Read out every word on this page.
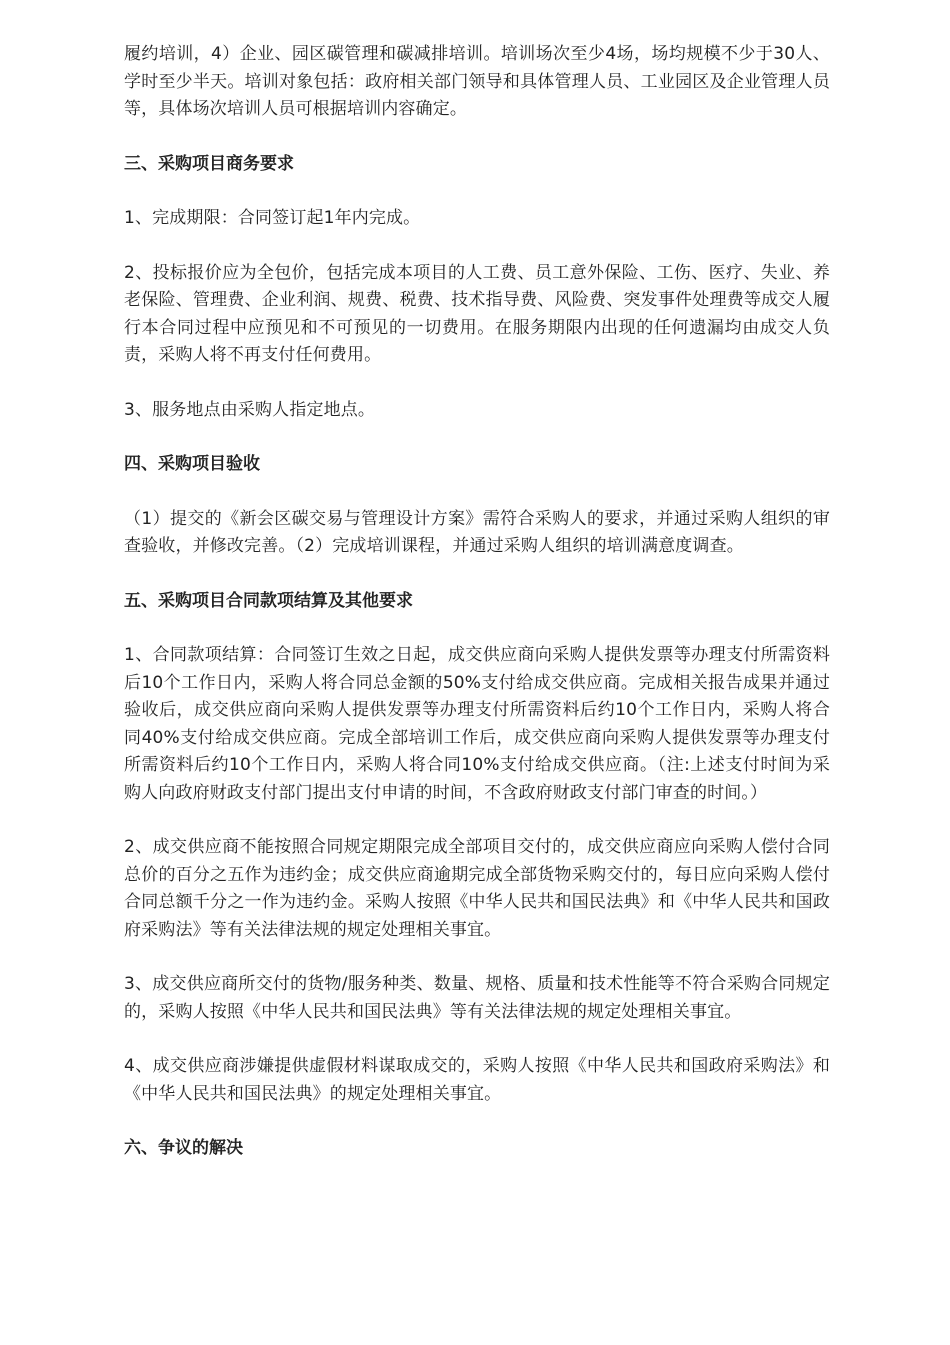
履约培训，4）企业、园区碳管理和碳减排培训。培训场次至少4场，场均规模不少于30人、学时至少半天。培训对象包括：政府相关部门领导和具体管理人员、工业园区及企业管理人员等，具体场次培训人员可根据培训内容确定。

三、采购项目商务要求

1、完成期限：合同签订起1年内完成。

2、投标报价应为全包价，包括完成本项目的人工费、员工意外保险、工伤、医疗、失业、养老保险、管理费、企业利润、规费、税费、技术指导费、风险费、突发事件处理费等成交人履行本合同过程中应预见和不可预见的一切费用。在服务期限内出现的任何遗漏均由成交人负责，采购人将不再支付任何费用。

3、服务地点由采购人指定地点。

四、采购项目验收

（1）提交的《新会区碳交易与管理设计方案》需符合采购人的要求，并通过采购人组织的审查验收，并修改完善。（2）完成培训课程，并通过采购人组织的培训满意度调查。

五、采购项目合同款项结算及其他要求

1、合同款项结算：合同签订生效之日起，成交供应商向采购人提供发票等办理支付所需资料后10个工作日内，采购人将合同总金额的50%支付给成交供应商。完成相关报告成果并通过验收后，成交供应商向采购人提供发票等办理支付所需资料后约10个工作日内，采购人将合同40%支付给成交供应商。完成全部培训工作后，成交供应商向采购人提供发票等办理支付所需资料后约10个工作日内，采购人将合同10%支付给成交供应商。（注:上述支付时间为采购人向政府财政支付部门提出支付申请的时间，不含政府财政支付部门审查的时间。）

2、成交供应商不能按照合同规定期限完成全部项目交付的，成交供应商应向采购人偿付合同总价的百分之五作为违约金；成交供应商逾期完成全部货物采购交付的，每日应向采购人偿付合同总额千分之一作为违约金。采购人按照《中华人民共和国民法典》和《中华人民共和国政府采购法》等有关法律法规的规定处理相关事宜。

3、成交供应商所交付的货物/服务种类、数量、规格、质量和技术性能等不符合采购合同规定的，采购人按照《中华人民共和国民法典》等有关法律法规的规定处理相关事宜。

4、成交供应商涉嫌提供虚假材料谋取成交的，采购人按照《中华人民共和国政府采购法》和《中华人民共和国民法典》的规定处理相关事宜。

六、争议的解决
